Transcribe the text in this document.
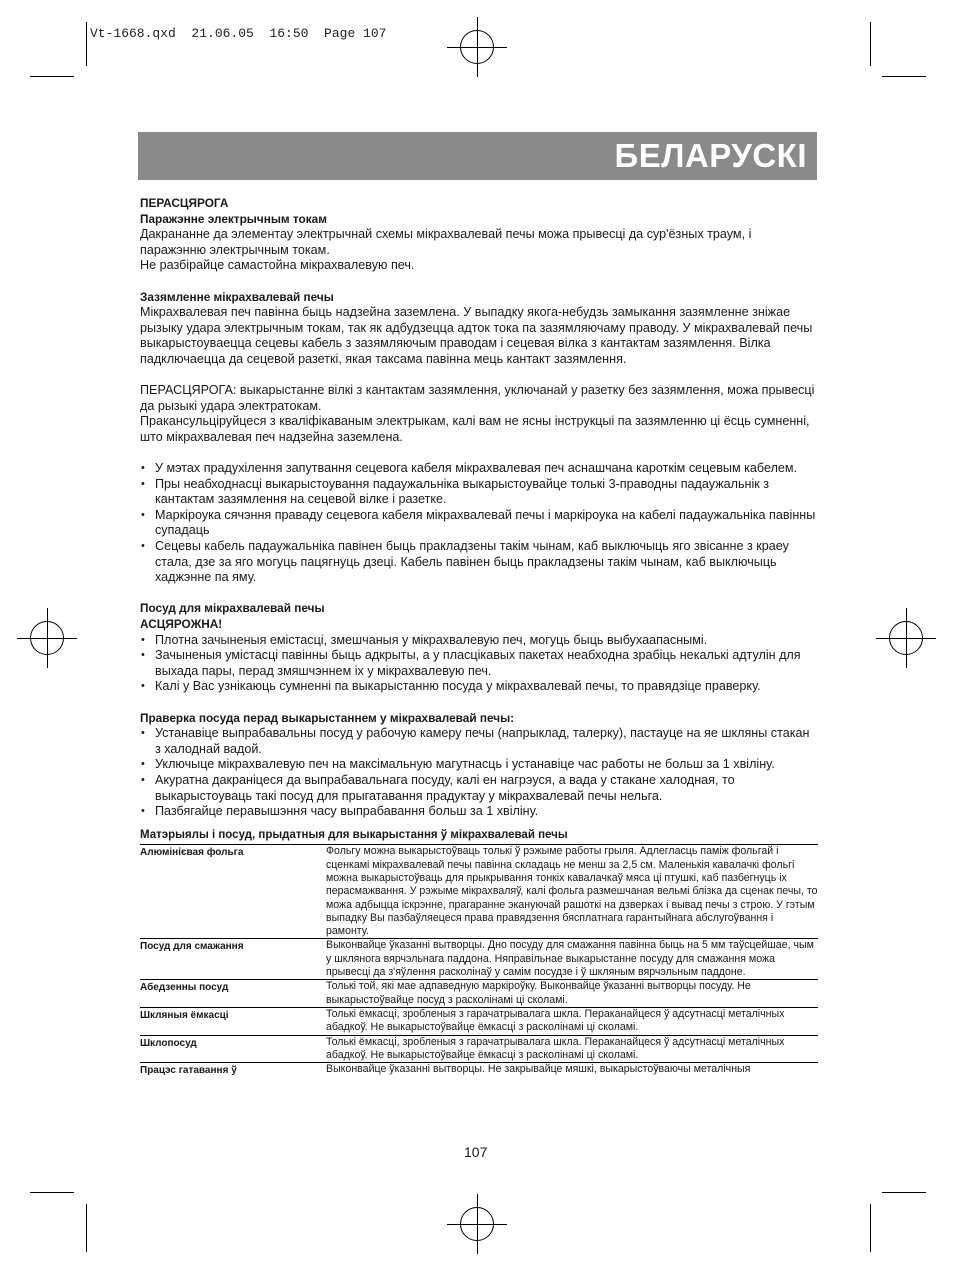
Vt-1668.qxd  21.06.05  16:50  Page 107
БЕЛАРУСКІ

ПЕРАСЦЯРОГА

Паражэнне электрычным токам

Дакрананне да элементау электрычнай схемы мікрахвалевай печы можа прывесці да сур'ёзных траум, і паражэнню электрычным токам.

Не разбірайце самастойна мікрахвалевую печ.

Зазямленне мікрахвалевай печы

Мікрахвалевая печ павінна быць надзейна заземлена. У выпадку якога-небудзь замыкання зазямленне зніжае рызыку удара электрычным токам, так як адбудзецца адток тока па зазямляючаму праводу. У мікрахвалевай печы выкарыстоуваецца сецевы кабель з зазямляючым праводам і сецевая вілка з кантактам зазямлення. Вілка падключаецца да сецевой разеткі, якая таксама павінна мець кантакт зазямлення.

ПЕРАСЦЯРОГА: выкарыстанне вілкі з кантактам зазямлення, уключанай у разетку без зазямлення, можа прывесці да рызыкі удара электратокам.

Пракансульціруйцеся з кваліфікаваным электрыкам, калі вам не ясны інструкцыі па зазямленню ці ёсць сумненні, што мікрахвалевая печ надзейна заземлена.

• У мэтах прадухілення запутвання сецевога кабеля мікрахвалевая печ аснашчана кароткім сецевым кабелем.
• Пры неабходнасці выкарыстоування падаужальніка выкарыстоувайце толькі 3-праводны падаужальнік з кантактам зазямлення на сецевой вілке і разетке.
• Маркіроука сячэння праваду сецевога кабеля мікрахвалевай печы і маркіроука на кабелі падаужальніка павінны супадаць
• Сецевы кабель падаужальніка павінен быць пракладзены такім чынам, каб выключыць яго звісанне з краеу стала, дзе за яго могуць пацягнуць дзеці. Кабель павінен быць пракладзены такім чынам, каб выключыць хаджэнне па яму.

Посуд для мікрахвалевай печы

АСЦЯРОЖНА!

• Плотна зачыненыя емістасці, змешчаныя у мікрахвалевую печ, могуць быць выбухаапаснымі.
• Зачыненыя умістасці павінны быць адкрыты, а у пласцікавых пакетах неабходна зрабіць некалькі адтулін для выхада пары, перад змяшчэннем іх у мікрахвалевую печ.
• Калі у Вас узнікаюць сумненні па выкарыстанню посуда у мікрахвалевай печы, то правядзіце праверку.

Праверка посуда перад выкарыстаннем у мікрахвалевай печы:

• Устанавіце выпрабавальны посуд у рабочую камеру печы (напрыклад, талерку), пастауце на яе шкляны стакан з халоднай вадой.
• Уключыце мікрахвалевую печ на максімальную магутнасць і устанавіце час работы не больш за 1 хвіліну.
• Акуратна дакраніцеся да выпрабавальнага посуду, калі ен нагрэуся, а вада у стакане халодная, то выкарыстоуваць такі посуд для прыгатавання прадуктау у мікрахвалевай печы нельга.
• Пазбягайце перавышэння часу выпрабавання больш за 1 хвіліну.

Матэрыялы і посуд, прыдатныя для выкарыстання ў мікрахвалевай печы

Алюмінієвая фольга	Фольгу можна выкарыстоўваць толькі ў рэжыме работы грыля. Адлегласць паміж фольгай і сценкамі мікрахвалевай печы павінна складаць не менш за 2,5 см. Маленькія кавалачкі фольгі можна выкарыстоўваць для прыкрывання тонкіх кавалачкаў мяса ці птушкі, каб пазбегнуць іх перасмажвання. У рэжыме мікрахваляў, калі фольга размешчаная вельмі блізка да сценак печы, то можа адбыцца іскрэнне, прагаранне экануючай рашоткі на дзверках і вывад печы з строю. У гэтым выпадку Вы пазбаўляецеся права правядзення бясплатнага гарантыйнага абслугоўвання і рамонту.
Посуд для смажання	Выконвайце ўказанні вытворцы. Дно посуду для смажання павінна быць на 5 мм таўсцейшае, чым у шклянога вярчэльнага паддона. Няправільнае выкарыстанне посуду для смажання можа прывесці да з'яўлення расколінаў у самім посудзе і ў шкляным вярчэльным паддоне.
Абедзенны посуд	Толькі той, які мае адпаведную маркіроўку. Выконвайце ўказанні вытворцы посуду. Не выкарыстоўвайце посуд з расколінамі ці сколамі.
Шкляныя ёмкасці	Толькі ёмкасці, зробленыя з гарачатрывалага шкла. Пераканайцеся ў адсутнасці металічных абадкоў. Не выкарыстоўвайце ёмкасці з расколінамі ці сколамі.
Шклопосуд	Толькі ёмкасці, зробленыя з гарачатрывалага шкла. Пераканайцеся ў адсутнасці металічных абадкоў. Не выкарыстоўвайце ёмкасці з расколінамі ці сколамі.
Працэс гатавання ў	Выконвайце ўказанні вытворцы. Не закрывайце мяшкі, выкарыстоўваючы металічныя
107
